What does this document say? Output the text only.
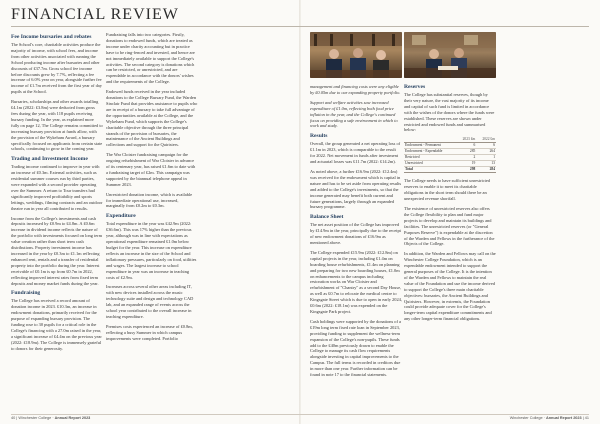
FINANCIAL REVIEW
Fee Income bursaries and rebates

The School's core, charitable activities produce the majority of income, with school fees, and income from other activities associated with running the School producing income after bursaries and other discounts of £37.7m. Gross school fee income before discounts grew by 7.7%, reflecting a fee increase of 6.0% year on year, alongside further fee income of £1.7m received from the first year of day pupils at the School.

Bursaries, scholarships and other awards totalling £4.1m (2022: £3.8m) were deducted from gross fees during the year, with 118 pupils receiving bursary funding. In the year, as explained more fully on page 12, The College remains committed to increasing bursary provision at funds allow, with the provision of the Wykeham Award, a bursary specifically focused on applicants from certain state schools, continuing to grow in the coming year.

Trading and Investment Income

Trading income continued to improve in year with an increase of £0.3m. External activities, such as residential summer courses run by third parties, were expanded with a second provider operating over the Summer. A return to Tour transfers had significantly improved profitability and sports lettings, weddings, filming contracts and an outdoor theatre run in year all contributed to results.

Income from the College's investments and cash deposits increased by £0.9m to £4.8m. A £0.6m increase in dividend income reflects the nature of the portfolio with investments focused on long term value creation rather than short term cash distributions. Property investment income has increased in the year by £0.3m to £1.1m reflecting enhanced rent, rentals and a transfer of residential property into the portfolio during the year. Interest receivable of £0.1m is up from £0.7m in 2022, reflecting improved interest rates from fixed term deposits and money market funds during the year.

Fundraising

The College has received a record amount of donation income in 2023. £10.3m, an increase in endowment donations, primarily received for the purpose of expanding bursary provision. The funding rose to 30 pupils for a critical role in the College's financing with a 27.0m raised in the year, a significant increase of £4.4m on the previous year (2022: £18.9m). The College is immensely grateful to donors for their generosity.

Fundraising falls into two categories. Firstly, donations to endowed funds, which are treated as income under charity accounting but in practice have to be ring-fenced and invested, and hence are not immediately available to support the College's activities. The second category is donations which can be restricted, or unrestricted, and are expendable in accordance with the donors' wishes and the requirements of the College.

Endowed funds received in the year included donations to the College Bursary Fund, the Warden Sinclair Fund that provides assistance to pupils who are in receipt of a bursary to take full advantage of the opportunities available at the College, and the Wykeham Fund, which supports the College's charitable objective through the three principal strands of the provision of bursaries, the maintenance of the Ancient Buildings and collections and support for the Quiristers.

The War Cloister fundraising campaign for the ongoing refurbishment of War Cloister in advance of its centenary year, has raised £1.6m to date with a fundraising target of £2m. This campaign was supported by the biannual telephone appeal in Summer 2023.

Unrestricted donation income, which is available for immediate operational use, increased, marginally from £0.2m to £0.3m.

Expenditure

Total expenditure in the year was £42.9m (2022: £36.6m). This was 17% higher than the previous year, although was in line with expectations as operational expenditure remained £1.0m below budget for the year. This increase on expenditure reflects an increase in the size of the School and inflationary pressures, particularly on food, utilities and wages. The largest increase to school expenditure in year was an increase in teaching costs of £2.9m.

Increases across several other areas including IT, with new devices installed across the music technology suite and design and technology CAD lab, and an expanded range of events across the school year contributed to the overall increase in teaching expenditure.

Premises costs experienced an increase of £0.8m, reflecting a busy Summer in which campus improvements were completed. Portfolio

management and financing costs were any eligible by £0.05m due to our expanding property portfolio.

Support and welfare activities saw increased expenditure of £1.0m, reflecting both food price inflation in the year, and the College's continued focus on providing a safe environment in which to work and study.

Results

Overall, the group generated a net operating loss of £1.1m in 2023, which is comparable to the result for 2022. Net movement in funds after investment and actuarial losses was £11.7m (2022: £14.2m).

As noted above, a further £16.9m (2022: £12.4m) was received for the endowment which is capital in nature and has to be set aside from operating results and added to the College's investments, so that the income generated may benefit both current and future generations, largely through an expanded bursary programme.

Balance Sheet

The net asset position of the College has improved by £14.9m in the year, principally due to the receipt of new endowment donations of £16.9m as mentioned above.

The College expended £15.9m (2022: £12.8m) on capital projects in the year, including £1.4m on boarding house refurbishments, £1.4m on planning and preparing for two new boarding houses, £1.0m on enhancements to the campus including restoration works on War Cloister and refurbishment of "Chantry" as a second Day House, as well as £0.7m to relocate the medical centre to Kingsgate Street which is due to open in early 2024, £0.6m (2022: £18.1m) was expended on the Kingsgate Park project.

Cash holdings were supported by the donations of a £19m long term fixed rate loan in September 2023, providing funding to supplement the wellness-term expansion of the College's non-pupils. These funds add to the £40m previously drawn to enable the College to manage its cash flow requirements alongside investing in capital improvements to the Campus. The full terms is recorded in creditors due in more than one year. Further information can be found in note 17 to the financial statements.

Reserves

The College has substantial reserves, though by their very nature, the vast majority of its income and capital of such fund is limited in accordance with the wishes of the donors where the funds were established. These reserves are shown under restricted and endowed funds and summarised below:

	2023 £m	2022 £m
Endowment - Permanent	6	6
Endowment - Expendable	285	264
Restricted	2	1
Unrestricted	19	13
Total	298	284

The College needs to have sufficient unrestricted reserves to enable it to meet its charitable obligations in the short term should there be an unexpected revenue shortfall.

The existence of unrestricted reserves also offers the College flexibility to plan and fund major projects to develop and maintain its buildings and facilities. The unrestricted reserves (or "General Purposes Reserve") is expendable at the discretion of the Warden and Fellows in the furtherance of the Objects of the College.

In addition, the Warden and Fellows may call on the Winchester College Foundation, which is an expendable endowment intended to support the general purposes of the College. It is the intention of the Warden and Fellows to maintain the real value of the Foundation and use the income derived to support the College's three main charitable objectives: bursaries, the Ancient Buildings and Quiristers. However, in extremis, the Foundation could provide adequate cover for the College's longer-term capital expenditure commitments and any other longer-term financial obligations.

40 | Winchester College · Annual Report 2023	Winchester College · Annual Report 2023 | 41
